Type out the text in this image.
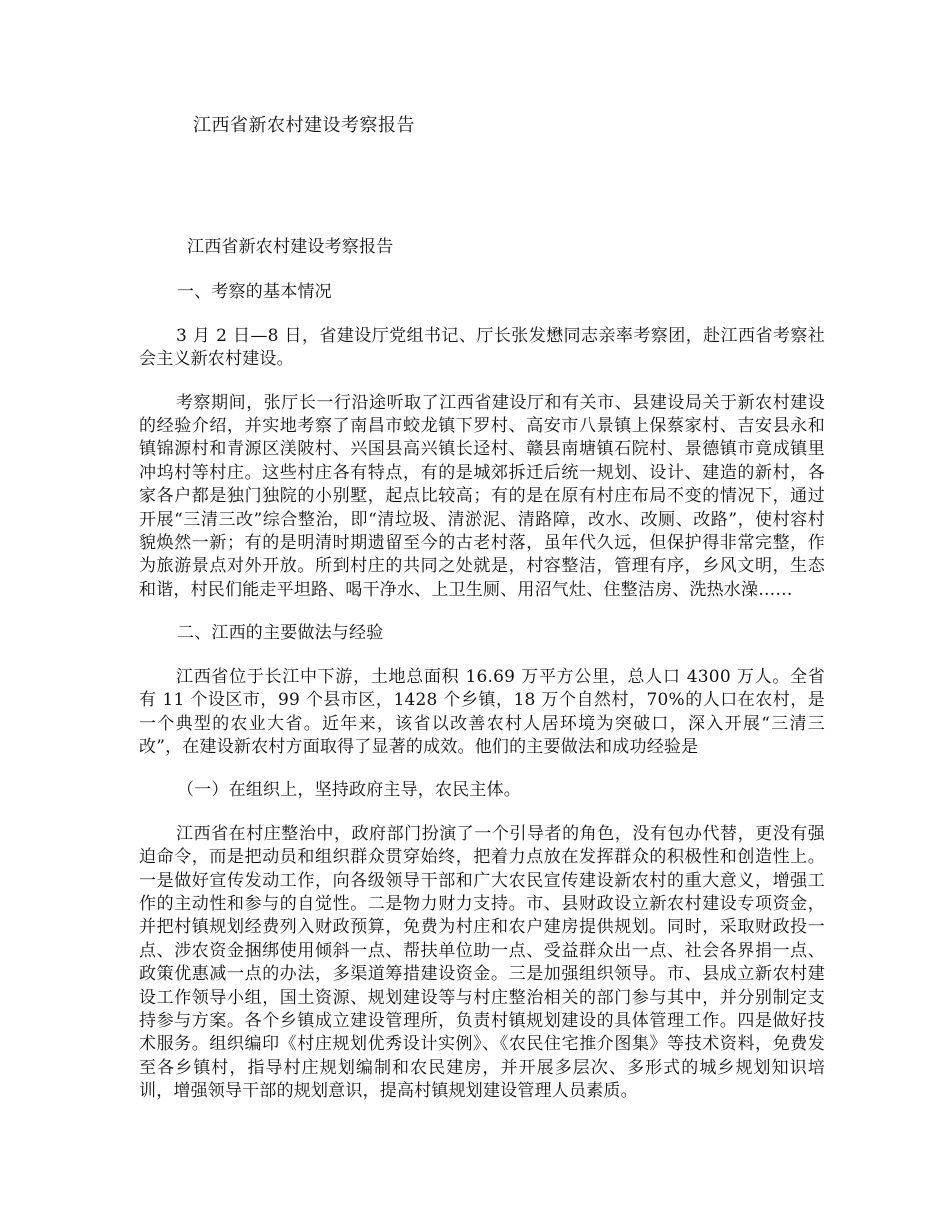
江西省新农村建设考察报告

江西省新农村建设考察报告

一、考察的基本情况

3 月 2 日—8 日，省建设厅党组书记、厅长张发懋同志亲率考察团，赴江西省考察社会主义新农村建设。

考察期间，张厅长一行沿途听取了江西省建设厅和有关市、县建设局关于新农村建设的经验介绍，并实地考察了南昌市蛟龙镇下罗村、高安市八景镇上保蔡家村、吉安县永和镇锦源村和青源区渼陂村、兴国县高兴镇长迳村、赣县南塘镇石院村、景德镇市竟成镇里冲坞村等村庄。这些村庄各有特点，有的是城郊拆迁后统一规划、设计、建造的新村，各家各户都是独门独院的小别墅，起点比较高；有的是在原有村庄布局不变的情况下，通过开展“三清三改”综合整治，即“清垃圾、清淤泥、清路障，改水、改厕、改路”，使村容村貌焕然一新；有的是明清时期遗留至今的古老村落，虽年代久远，但保护得非常完整，作为旅游景点对外开放。所到村庄的共同之处就是，村容整洁，管理有序，乡风文明，生态和谐，村民们能走平坦路、喝干净水、上卫生厕、用沼气灶、住整洁房、洗热水澡……

二、江西的主要做法与经验

江西省位于长江中下游，土地总面积 16.69 万平方公里，总人口 4300 万人。全省有 11 个设区市，99 个县市区，1428 个乡镇，18 万个自然村，70%的人口在农村，是一个典型的农业大省。近年来，该省以改善农村人居环境为突破口，深入开展“三清三改”，在建设新农村方面取得了显著的成效。他们的主要做法和成功经验是

（一）在组织上，坚持政府主导，农民主体。

江西省在村庄整治中，政府部门扮演了一个引导者的角色，没有包办代替，更没有强迫命令，而是把动员和组织群众贯穿始终，把着力点放在发挥群众的积极性和创造性上。一是做好宣传发动工作，向各级领导干部和广大农民宣传建设新农村的重大意义，增强工作的主动性和参与的自觉性。二是物力财力支持。市、县财政设立新农村建设专项资金，并把村镇规划经费列入财政预算，免费为村庄和农户建房提供规划。同时，采取财政投一点、涉农资金捆绑使用倾斜一点、帮扶单位助一点、受益群众出一点、社会各界捐一点、政策优惠减一点的办法，多渠道筹措建设资金。三是加强组织领导。市、县成立新农村建设工作领导小组，国土资源、规划建设等与村庄整治相关的部门参与其中，并分别制定支持参与方案。各个乡镇成立建设管理所，负责村镇规划建设的具体管理工作。四是做好技术服务。组织编印《村庄规划优秀设计实例》、《农民住宅推介图集》等技术资料，免费发至各乡镇村，指导村庄规划编制和农民建房，并开展多层次、多形式的城乡规划知识培训，增强领导干部的规划意识，提高村镇规划建设管理人员素质。
